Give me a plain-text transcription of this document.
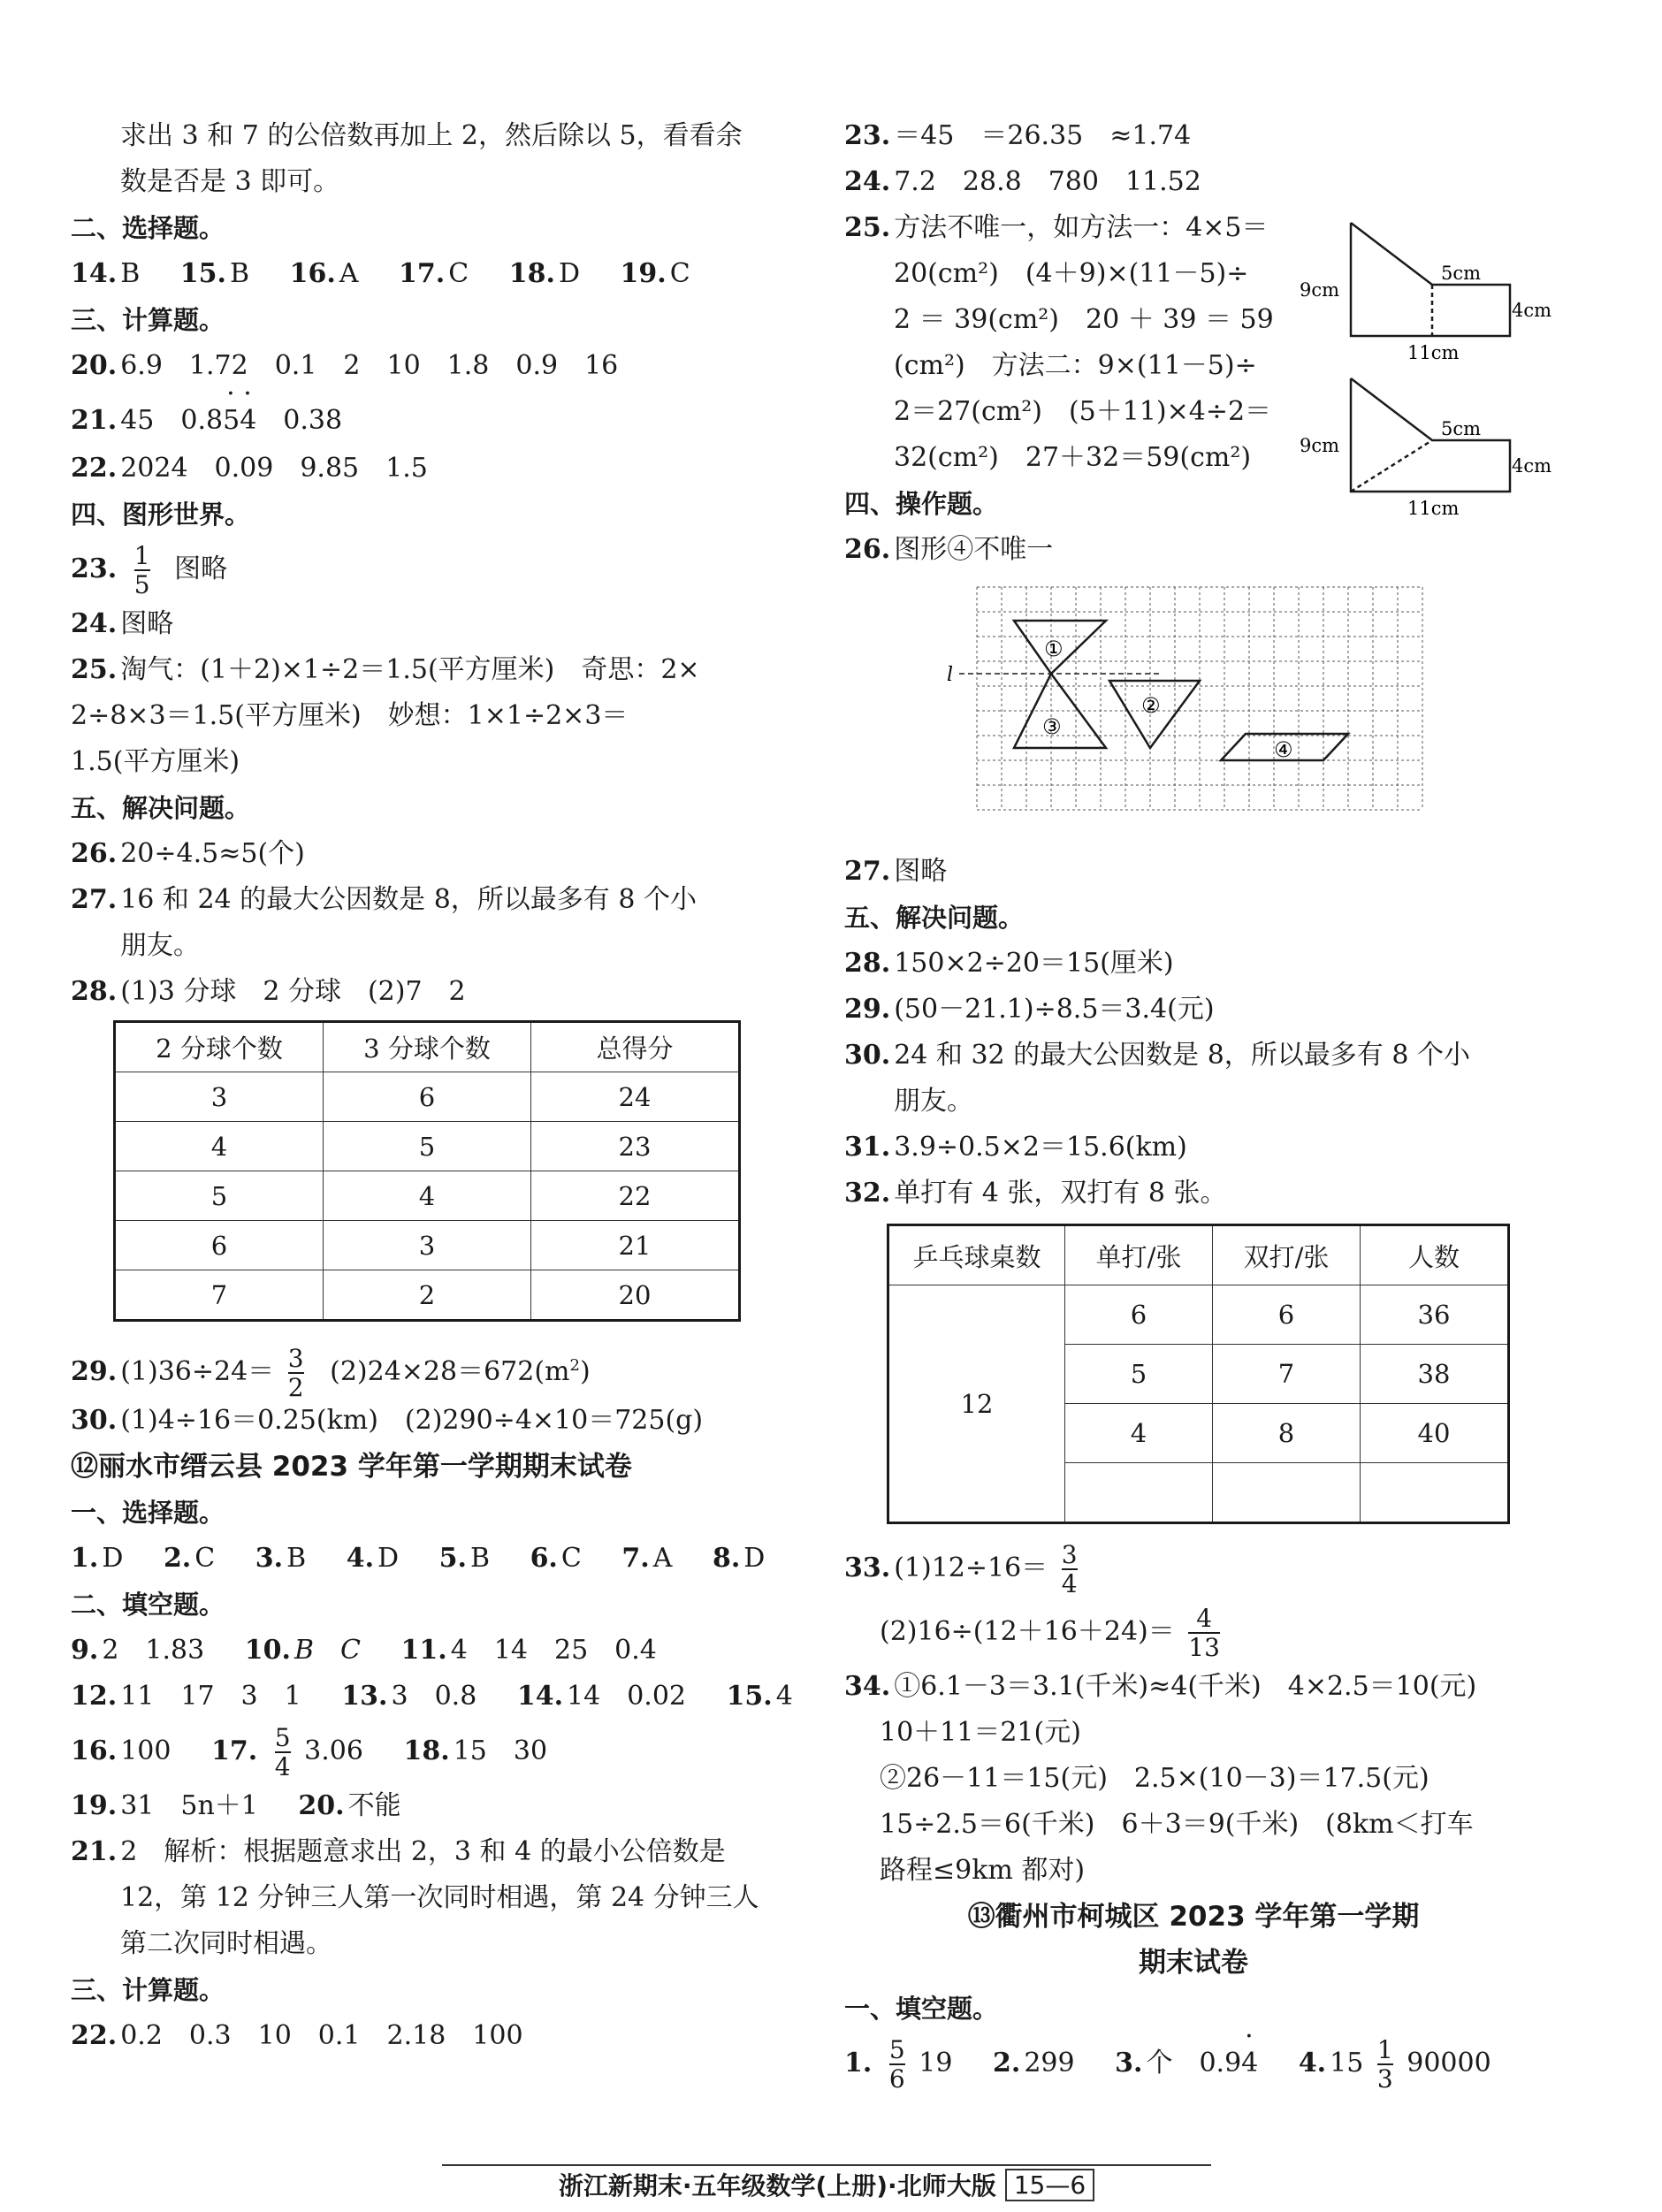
求出 3 和 7 的公倍数再加上 2，然后除以 5，看看余
数是否是 3 即可。
二、选择题。
14. B 15. B 16. A 17. C 18. D 19. C
三、计算题。
20. 6.9　1.72　0.1　2　10　1.8　0.9　16
21. 45　0.85 ·4 ·　0.38
22. 2024　0.09　9.85　1.5
四、图形世界。
23. $\frac{1}{5}$ 图略
24. 图略
25. 淘气：(1＋2)×1÷2＝1.5(平方厘米)　奇思：2×
2÷8×3＝1.5(平方厘米)　妙想：1×1÷2×3＝
1.5(平方厘米)
五、解决问题。
26. 20÷4.5≈5(个)
27. 16 和 24 的最大公因数是 8，所以最多有 8 个小
朋友。
28. (1)3 分球　2 分球　(2)7　2
2 分球个数	3 分球个数	总得分
3	6	24
4	5	23
5	4	22
6	3	21
7	2	20
29. $(1)36\div 24= \frac{3}{2} (2)24\times 28=672(m^2)$
30. (1)4÷16＝0.25(km)　(2)290÷4×10＝725(g)
⑫丽水市缙云县 2023 学年第一学期期末试卷
一、选择题。
1. D 2. C 3. B 4. D 5. B 6. C 7. A 8. D
二、填空题。
9. 2　1.83 10. B　C 11. 4　14　25　0.4
12. 11　17　3　1 13. 3　0.8 14. 14　0.02 15. 4
16. 100 17. $\frac{5}{4} 3.06$ 18. 15　30
19. 31　5n＋1 20. 不能
21. 2　解析：根据题意求出 2，3 和 4 的最小公倍数是
12，第 12 分钟三人第一次同时相遇，第 24 分钟三人
第二次同时相遇。
三、计算题。
22. 0.2　0.3　10　0.1　2.18　100
23. ＝45　＝26.35　≈1.74
24. 7.2　28.8　780　11.52
25. 方法不唯一，如方法一：4×5＝
20(cm²)　(4＋9)×(11－5)÷
2 ＝ 39(cm²)　20 ＋ 39 ＝ 59
(cm²)　方法二：9×(11－5)÷
2＝27(cm²)　(5＋11)×4÷2＝
32(cm²)　27＋32＝59(cm²)
四、操作题。
26. 图形④不唯一
27. 图略
五、解决问题。
28. 150×2÷20＝15(厘米)
29. (50－21.1)÷8.5＝3.4(元)
30. 24 和 32 的最大公因数是 8，所以最多有 8 个小
朋友。
31. 3.9÷0.5×2＝15.6(km)
32. 单打有 4 张，双打有 8 张。
乒乓球桌数	单打/张	双打/张	人数
12	6	6	36
	5	7	38
	4	8	40

33. $(1)12\div 16= \frac{3}{4}$
$(2)16\div(12+16+24)= \frac{4}{13}$
34. ①6.1－3＝3.1(千米)≈4(千米)　4×2.5＝10(元)
10＋11＝21(元)
②26－11＝15(元)　2.5×(10－3)＝17.5(元)
15÷2.5＝6(千米)　6＋3＝9(千米)　(8km＜打车
路程≤9km 都对)
⑬衢州市柯城区 2023 学年第一学期
期末试卷
一、填空题。
1. $\frac{5}{6} 19$ 2. 299 3. 个　0.94 · 4. $15 \frac{1}{3} 90000$
9cm
5cm
4cm
11cm
9cm
5cm
4cm
11cm
l
①
②
③
④
浙江新期末·五年级数学(上册)·北师大版 15—6
